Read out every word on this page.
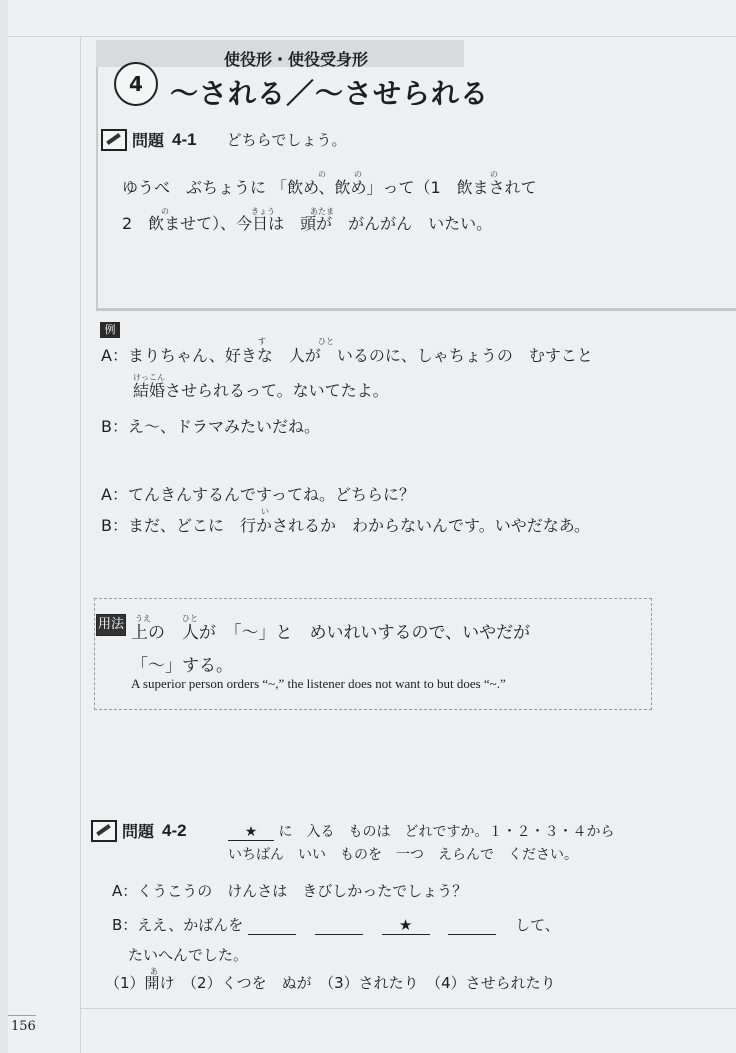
156
使役形・使役受身形
4 〜される／〜させられる
問題 4-1 どちらでしょう。
の	の	の
の	きょう	あたま
ゆうべ　ぶちょうに 「飲め、飲め」って（1　飲まされて
2　飲ませて）、今日は　頭が　がんがん　いたい。
例
す	ひと
けっこん
い
A：まりちゃん、好きな　人が　いるのに、しゃちょうの　むすこと
結婚させられるって。ないてたよ。
B：え〜、ドラマみたいだね。
A：てんきんするんですってね。どちらに？
B：まだ、どこに　行かされるか　わからないんです。いやだなあ。
用法 うえ	ひと
上の　人が　「〜」と　めいれいするので、いやだが
「〜」する。
A superior person orders “~,” the listener does not want to but does “~.”
問題 4-2	★ に　入る　ものは　どれですか。１・２・３・４から
いちばん　いい　ものを　一つ　えらんで　ください。
A：くうこうの　けんさは　きびしかったでしょう？
B：ええ、かばんを	★	して、
たいへんでした。
あ
（1）開け　（2）くつを　ぬが　（3）されたり　（4）させられたり
